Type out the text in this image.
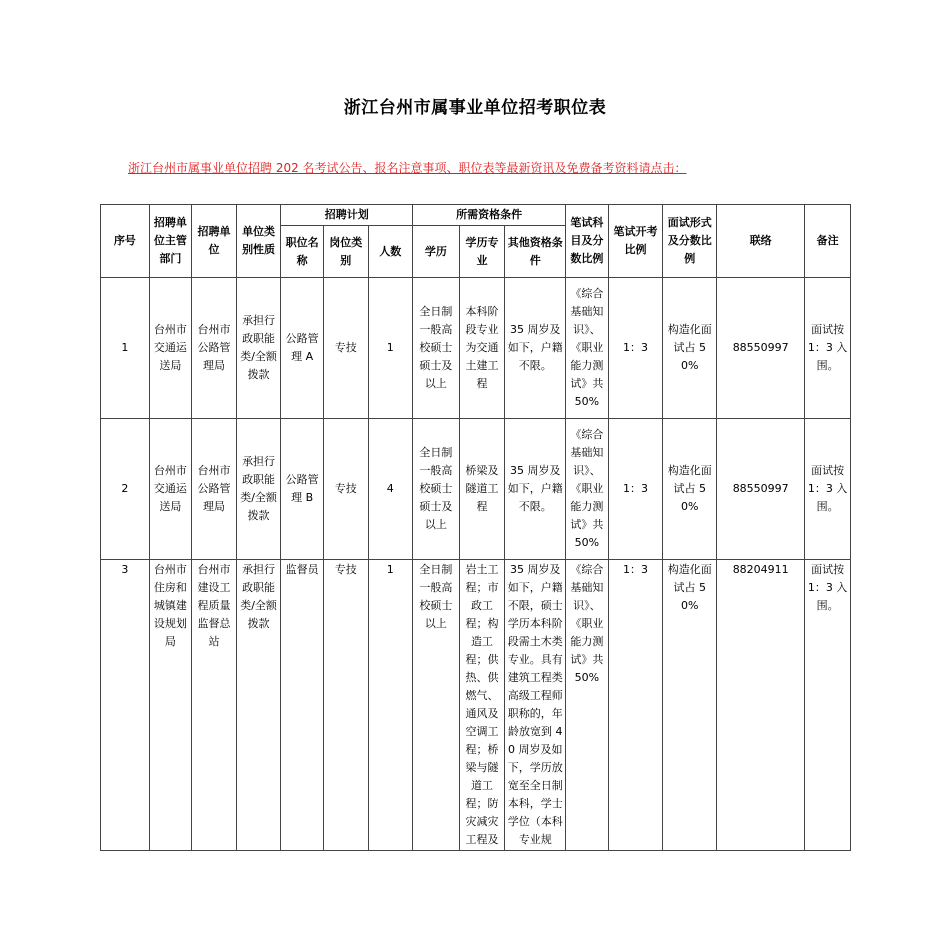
浙江台州市属事业单位招考职位表
浙江台州市属事业单位招聘 202 名考试公告、报名注意事项、职位表等最新资讯及免费备考资料请点击：
序号	招聘单位主管部门	招聘单位	单位类别性质	招聘计划			所需资格条件			笔试科目及分数比例	笔试开考比例	面试形式及分数比例	联络	备注
				职位名称	岗位类别	人数	学历	学历专业	其他资格条件					
1	台州市交通运送局	台州市公路管理局	承担行政职能类/全额拨款	公路管理 A	专技	1	全日制一般高校硕士硕士及以上	本科阶段专业为交通土建工程	35 周岁及如下，户籍不限。	《综合基础知识》、《职业能力测试》共 50%	1：3	构造化面试占 50%	88550997	面试按 1：3 入围。
2	台州市交通运送局	台州市公路管理局	承担行政职能类/全额拨款	公路管理 B	专技	4	全日制一般高校硕士硕士及以上	桥梁及隧道工程	35 周岁及如下，户籍不限。	《综合基础知识》、《职业能力测试》共 50%	1：3	构造化面试占 50%	88550997	面试按 1：3 入围。
3	台州市住房和城镇建设规划局	台州市建设工程质量监督总站	承担行政职能类/全额拨款	监督员	专技	1	全日制一般高校硕士以上	岩土工程；市政工程；构造工程；供热、供燃气、通风及空调工程；桥梁与隧道工程；防灾减灾工程及	35 周岁及如下，户籍不限，硕士学历本科阶段需土木类专业。具有建筑工程类高级工程师职称的，年龄放宽到 40 周岁及如下，学历放宽至全日制本科，学士学位（本科专业规	《综合基础知识》、《职业能力测试》共 50%	1：3	构造化面试占 50%	88204911	面试按 1：3 入围。
